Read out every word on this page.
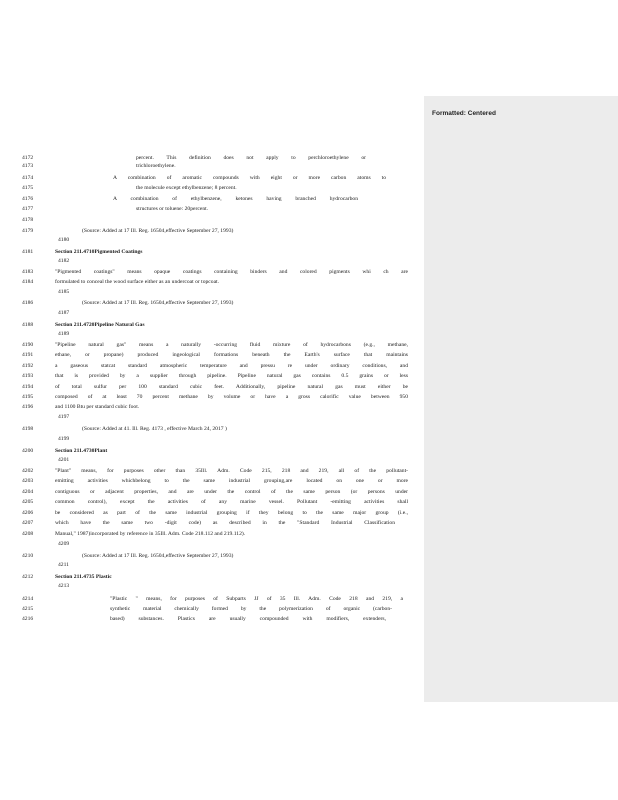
Formatted: Centered
4172	percent. This definition does not apply to perchloroethylene or
4173	trichloroethylene.
4174	A combination of aromatic compounds with eight or more carbon atoms to
4175	the molecule except ethylbenzene; 8 percent.
4176	A combination of ethylbenzene, ketones having branched hydrocarbon
4177	structures or toluene: 20percent.
4178
4179	(Source: Added at 17 Ill. Reg. 16504,effective September 27, 1993)
4180
4181	Section 211.4710Pigmented Coatings
4182
4183	"Pigmented coatings" means opaque coatings containing binders and colored pigments whi ch are
4184	formulated to conceal the wood surface either as an undercoat or topcoat.
4185
4186	(Source: Added at 17 Ill. Reg. 16504,effective September 27, 1993)
4187
4188	Section 211.4720Pipeline Natural Gas
4189
4190	"Pipeline natural gas" means a naturally -occurring fluid mixture of hydrocarbons (e.g., methane,
4191	ethane, or propane) produced ingeological formations beneath the Earth's surface that maintains
4192	a gaseous statcat standard atmospheric temperature and pressu re under ordinary conditions, and
4193	that is provided by a supplier through pipeline. Pipeline natural gas contains 0.5 grains or less
4194	of total sulfur per 100 standard cubic feet. Additionally, pipeline natural gas must either be
4195	composed of at least 70 percent methane by volume or have a gross calorific value between 950
4196	and 1100 Btu per standard cubic foot.
4197
4198	(Source: Added at 41. Ill. Reg. 4173 , effective March 24, 2017 )
4199
4200	Section 211.4730Plant
4201
4202	"Plant" means, for purposes other than 35Ill. Adm. Code 215, 218 and 219, all of the pollutant-
4203	emitting activities whichbelong to the same industrial grouping,are located on one or more
4204	contiguous or adjacent properties, and are under the control of the same person (or persons under
4205	common control), except the activities of any marine vessel. Pollutant -emitting activities shall
4206	be considered as part of the same industrial grouping if they belong to the same major group (i.e.,
4207	which have the same two -digit code) as described in the "Standard Industrial Classification
4208	Manual," 1987)incorporated by reference in 35Ill. Adm. Code 218.112 and 219.112).
4209
4210	(Source: Added at 17 Ill. Reg. 16504,effective September 27, 1993)
4211
4212	Section 211.4735 Plastic
4213
4214	"Plastic " means, for purposes of Subparts JJ of 35 Ill. Adm. Code 218 and 219, a
4215	synthetic material chemically formed by the polymerization of organic (carbon-
4216	based) substances. Plastics are usually compounded with modifiers, extenders,
